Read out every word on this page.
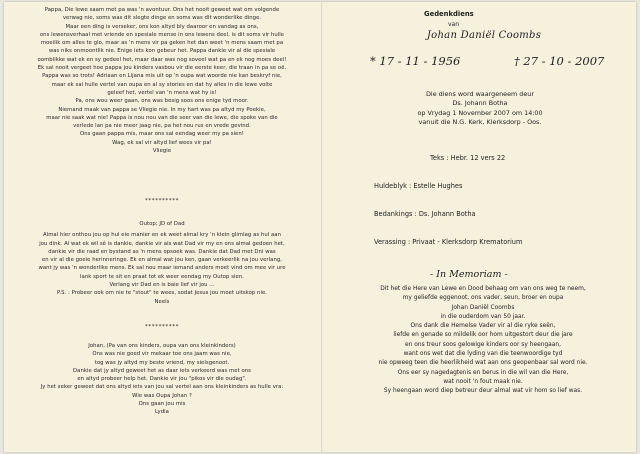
Pappa, Die lewe saam met pa was 'n avontuur. Ons het nooit geweet wat om volgende

verwag nie, soms was dit slegte dinge en soms was dit wonderlike dinge.

Maar een ding is verseker, ons kon altyd bly daaroor en vandag as ons,

ons lewensverhaal met vriende en spesiale mense in ons lewens deel, is dit soms vir hulle

moeilik om alles te glo, maar as 'n mens vir pa geken het dan weet 'n mens saam met pa

was niks onmoontlik nie. Enige iets kon gebeur het. Pappa dankie vir al die spesiale

oomblikke wat ek en sy gedeel het, maar daar was nog soveel wat pa en ek nog moes deel!

Ek sal nooit vergeet hoe pappa jou kinders vasbou vir die eerste keer, die traan in pa se oë.

Pappa was so trots! Adriaan en Lijana mis uit op 'n oupa wat woorde nie kan beskryf nie,

maar ek sal hulle vertel van oupa en al sy stories en dat hy alles in die lewe volte

geleef het, vertel van 'n mens wat hy is!

Pa, ons wou weer gaan, ons was besig soos ons enige tyd moor.

Niemand maak van pappa se Vliegie nie. In my hart was pa altyd my Poekie,

maar nie saak wat nie! Pappa is nou nou van die seer van die lewe, die spoke van die

verlede lan pa nie meer jaag nie, pa het nou rus en vrede gevind.

Ons gaan pappa mis, maar ons sal eendag weer my pa sien!

Wag, ek sal vir altyd lief wees vir pa!

Vliegie

**********

Outop; JD of Dad

Almal hier onthou jou op hul eie manier en ek weet almal kry 'n klein glimlag as hul aan

jou dink. Al wat ek wil sê is dankie, dankie vir als wat Dad vir my en ons almal gedoen het,

dankie vir die raad en bystand as 'n mens opsoek was. Dankie dat Dad met Dni was

en vir al die goeie herinneringe. Ek en almal wat jou ken, gaan verkeerlik na jou verlang,

want jy was 'n wonderlike mens. Ek sal nou maar iemand anders moet vind om mee vir ure

lank sport te sit en praat tot ek weer eendag my Outop sien.

Verlang vir Dad en is baie lief vir jou ...

P.S. : Probeer ook om nie te "stout" te wees, sodat Jesus jou moet uitskop nie.

Neels

**********

Johan, (Pa van ons kinders, oupa van ons kleinkinders)

Ons was nie goed vir mekaar toe ons jaam was nie,

tog was jy altyd my beste vriend, my sielsgenoot.

Dankie dat jy altyd geweet het as daar iets verkeerd was met ons

en altyd probeer help het. Dankie vir jou "pikos vir die oudag".

Jy het seker geweet dat ons altyd iets van jou sal vertel aan ons kleinkinders as hulle vra:

Wie was Oupa Johan ?

Ons gaan jou mis

Lydia

Gedenkdiens
van
Johan Daniël Coombs
* 17 - 11 - 1956	† 27 - 10 - 2007

Die diens word waargeneem deur

Ds. Johann Botha

op Vrydag 1 November 2007 om 14:00

vanuit die N.G. Kerk, Klerksdorp - Oos.

Teks : Hebr. 12 vers 22
Huldeblyk : Estelle Hughes
Bedankings : Ds. Johann Botha
Verassing : Privaat - Klerksdorp Krematorium
- In Memoriam -

Dit het die Here van Lewe en Dood behaag om van ons weg te neem,

my geliefde eggenoot, ons vader, seun, broer en oupa

Johan Daniël Coombs

in die ouderdom van 50 jaar.

Ons dank die Hemelse Vader vir al die ryke seën,

liefde en genade so mildelik oor hom uitgestort deur die jare

en ons treur soos gelowige kinders oor sy heengaan,

want ons wet dat die lyding van die teenwoordige tyd

nie opweeg teen die heerlikheid wat aan ons geopenbaar sal word nie.

Ons eer sy nagedagtenis en berus in die wil van die Here,

wat nooit 'n fout maak nie.

Sy heengaan word diep betreur deur almal wat vir hom so lief was.
